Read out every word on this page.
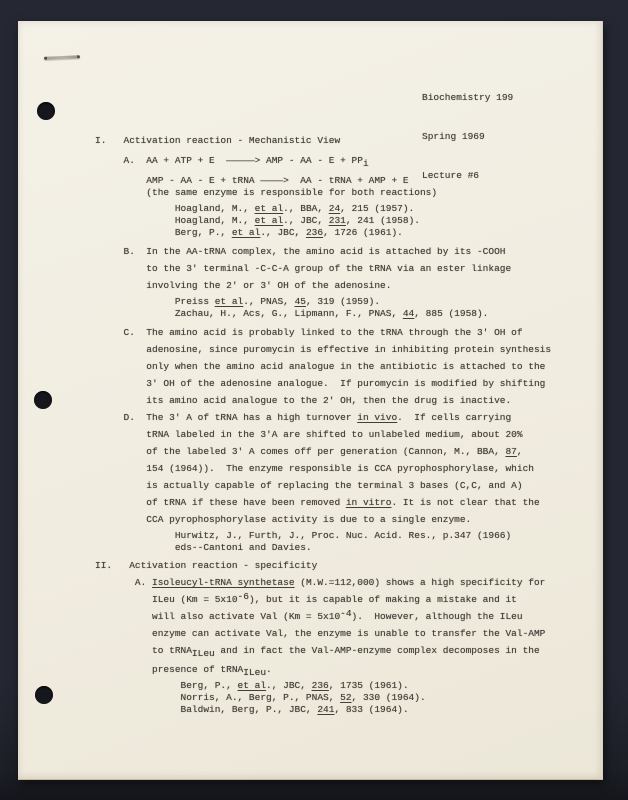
Biochemistry 199

Spring 1969

Lecture #6

I.   Activation reaction - Mechanistic View
A.  AA + ATP + E  —————> AMP - AA - E + PPi
AMP - AA - E + tRNA ————>  AA - tRNA + AMP + E
(the same enzyme is responsible for both reactions)
Hoagland, M., et al., BBA, 24, 215 (1957).
Hoagland, M., et al., JBC, 231, 241 (1958).
Berg, P., et al., JBC, 236, 1726 (1961).
B.  In the AA-tRNA complex, the amino acid is attached by its -COOH
to the 3' terminal -C-C-A group of the tRNA via an ester linkage
involving the 2' or 3' OH of the adenosine.
Preiss et al., PNAS, 45, 319 (1959).
Zachau, H., Acs, G., Lipmann, F., PNAS, 44, 885 (1958).
C.  The amino acid is probably linked to the tRNA through the 3' OH of
adenosine, since puromycin is effective in inhibiting protein synthesis
only when the amino acid analogue in the antibiotic is attached to the
3' OH of the adenosine analogue.  If puromycin is modified by shifting
its amino acid analogue to the 2' OH, then the drug is inactive.
D.  The 3' A of tRNA has a high turnover in vivo.  If cells carrying
tRNA labeled in the 3'A are shifted to unlabeled medium, about 20%
of the labeled 3' A comes off per generation (Cannon, M., BBA, 87,
154 (1964)).  The enzyme responsible is CCA pyrophosphorylase, which
is actually capable of replacing the terminal 3 bases (C,C, and A)
of tRNA if these have been removed in vitro. It is not clear that the
CCA pyrophosphorylase activity is due to a single enzyme.
Hurwitz, J., Furth, J., Proc. Nuc. Acid. Res., p.347 (1966)
eds--Cantoni and Davies.
II.   Activation reaction - specificity
A. Isoleucyl-tRNA synthetase (M.W.=112,000) shows a high specificity for
ILeu (Km = 5x10-6), but it is capable of making a mistake and it
will also activate Val (Km = 5x10-4).  However, although the ILeu
enzyme can activate Val, the enzyme is unable to transfer the Val-AMP
to tRNAILeu and in fact the Val-AMP-enzyme complex decomposes in the
presence of tRNAILeu.
Berg, P., et al., JBC, 236, 1735 (1961).
Norris, A., Berg, P., PNAS, 52, 330 (1964).
Baldwin, Berg, P., JBC, 241, 833 (1964).
